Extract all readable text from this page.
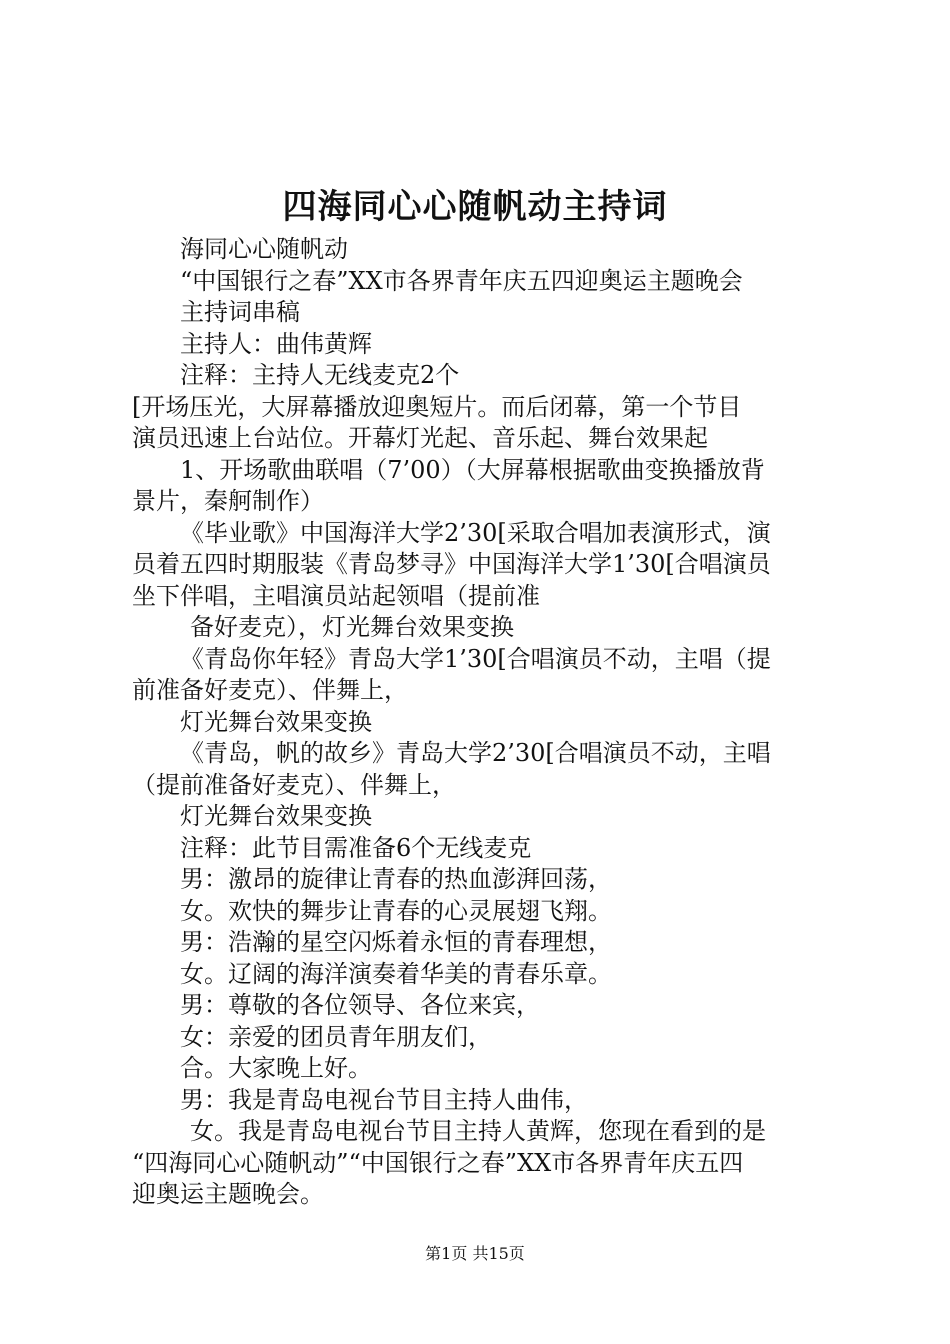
四海同心心随帆动主持词

海同心心随帆动

“中国银行之春”XX市各界青年庆五四迎奥运主题晚会

主持词串稿

主持人：曲伟黄辉

注释：主持人无线麦克2个

[开场压光，大屏幕播放迎奥短片。而后闭幕，第一个节目

演员迅速上台站位。开幕灯光起、音乐起、舞台效果起

1、开场歌曲联唱（7’00）（大屏幕根据歌曲变换播放背

景片，秦舸制作）

《毕业歌》中国海洋大学2’30[采取合唱加表演形式，演

员着五四时期服装《青岛梦寻》中国海洋大学1’30[合唱演员

坐下伴唱，主唱演员站起领唱（提前准

备好麦克），灯光舞台效果变换

《青岛你年轻》青岛大学1’30[合唱演员不动，主唱（提

前准备好麦克）、伴舞上，

灯光舞台效果变换

《青岛，帆的故乡》青岛大学2’30[合唱演员不动，主唱

（提前准备好麦克）、伴舞上，

灯光舞台效果变换

注释：此节目需准备6个无线麦克

男：激昂的旋律让青春的热血澎湃回荡，

女。欢快的舞步让青春的心灵展翅飞翔。

男：浩瀚的星空闪烁着永恒的青春理想，

女。辽阔的海洋演奏着华美的青春乐章。

男：尊敬的各位领导、各位来宾，

女：亲爱的团员青年朋友们，

合。大家晚上好。

男：我是青岛电视台节目主持人曲伟，

女。我是青岛电视台节目主持人黄辉，您现在看到的是

“四海同心心随帆动”“中国银行之春”XX市各界青年庆五四

迎奥运主题晚会。

第1页 共15页
